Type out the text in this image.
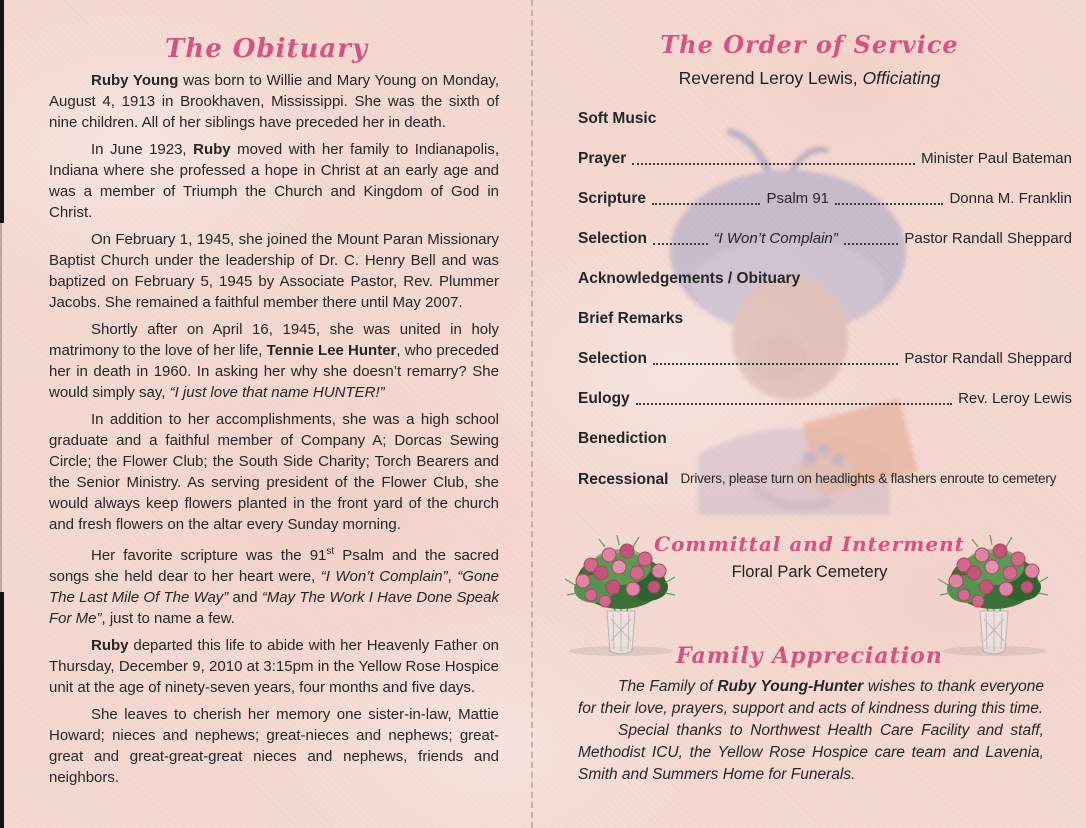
The Obituary

Ruby Young was born to Willie and Mary Young on Monday, August 4, 1913 in Brookhaven, Mississippi. She was the sixth of nine children. All of her siblings have preceded her in death.

In June 1923, Ruby moved with her family to Indianapolis, Indiana where she professed a hope in Christ at an early age and was a member of Triumph the Church and Kingdom of God in Christ.

On February 1, 1945, she joined the Mount Paran Missionary Baptist Church under the leadership of Dr. C. Henry Bell and was baptized on February 5, 1945 by Associate Pastor, Rev. Plummer Jacobs. She remained a faithful member there until May 2007.

Shortly after on April 16, 1945, she was united in holy matrimony to the love of her life, Tennie Lee Hunter, who preceded her in death in 1960. In asking her why she doesn’t remarry? She would simply say, “I just love that name HUNTER!”

In addition to her accomplishments, she was a high school graduate and a faithful member of Company A; Dorcas Sewing Circle; the Flower Club; the South Side Charity; Torch Bearers and the Senior Ministry. As serving president of the Flower Club, she would always keep flowers planted in the front yard of the church and fresh flowers on the altar every Sunday morning.

Her favorite scripture was the 91st Psalm and the sacred songs she held dear to her heart were, “I Won’t Complain”, “Gone The Last Mile Of The Way” and “May The Work I Have Done Speak For Me”, just to name a few.

Ruby departed this life to abide with her Heavenly Father on Thursday, December 9, 2010 at 3:15pm in the Yellow Rose Hospice unit at the age of ninety-seven years, four months and five days.

She leaves to cherish her memory one sister-in-law, Mattie Howard; nieces and nephews; great-nieces and nephews; great-great and great-great-great nieces and nephews, friends and neighbors.

The Order of Service
Reverend Leroy Lewis, Officiating
Soft Music
Prayer	Minister Paul Bateman
Scripture	Psalm 91	Donna M. Franklin
Selection	“I Won’t Complain”	Pastor Randall Sheppard
Acknowledgements / Obituary
Brief Remarks
Selection	Pastor Randall Sheppard
Eulogy	Rev. Leroy Lewis
Benediction
Recessional Drivers, please turn on headlights & flashers enroute to cemetery
Committal and Interment
Floral Park Cemetery
Family Appreciation

The Family of Ruby Young-Hunter wishes to thank everyone for their love, prayers, support and acts of kindness during this time.

Special thanks to Northwest Health Care Facility and staff, Methodist ICU, the Yellow Rose Hospice care team and Lavenia, Smith and Summers Home for Funerals.
